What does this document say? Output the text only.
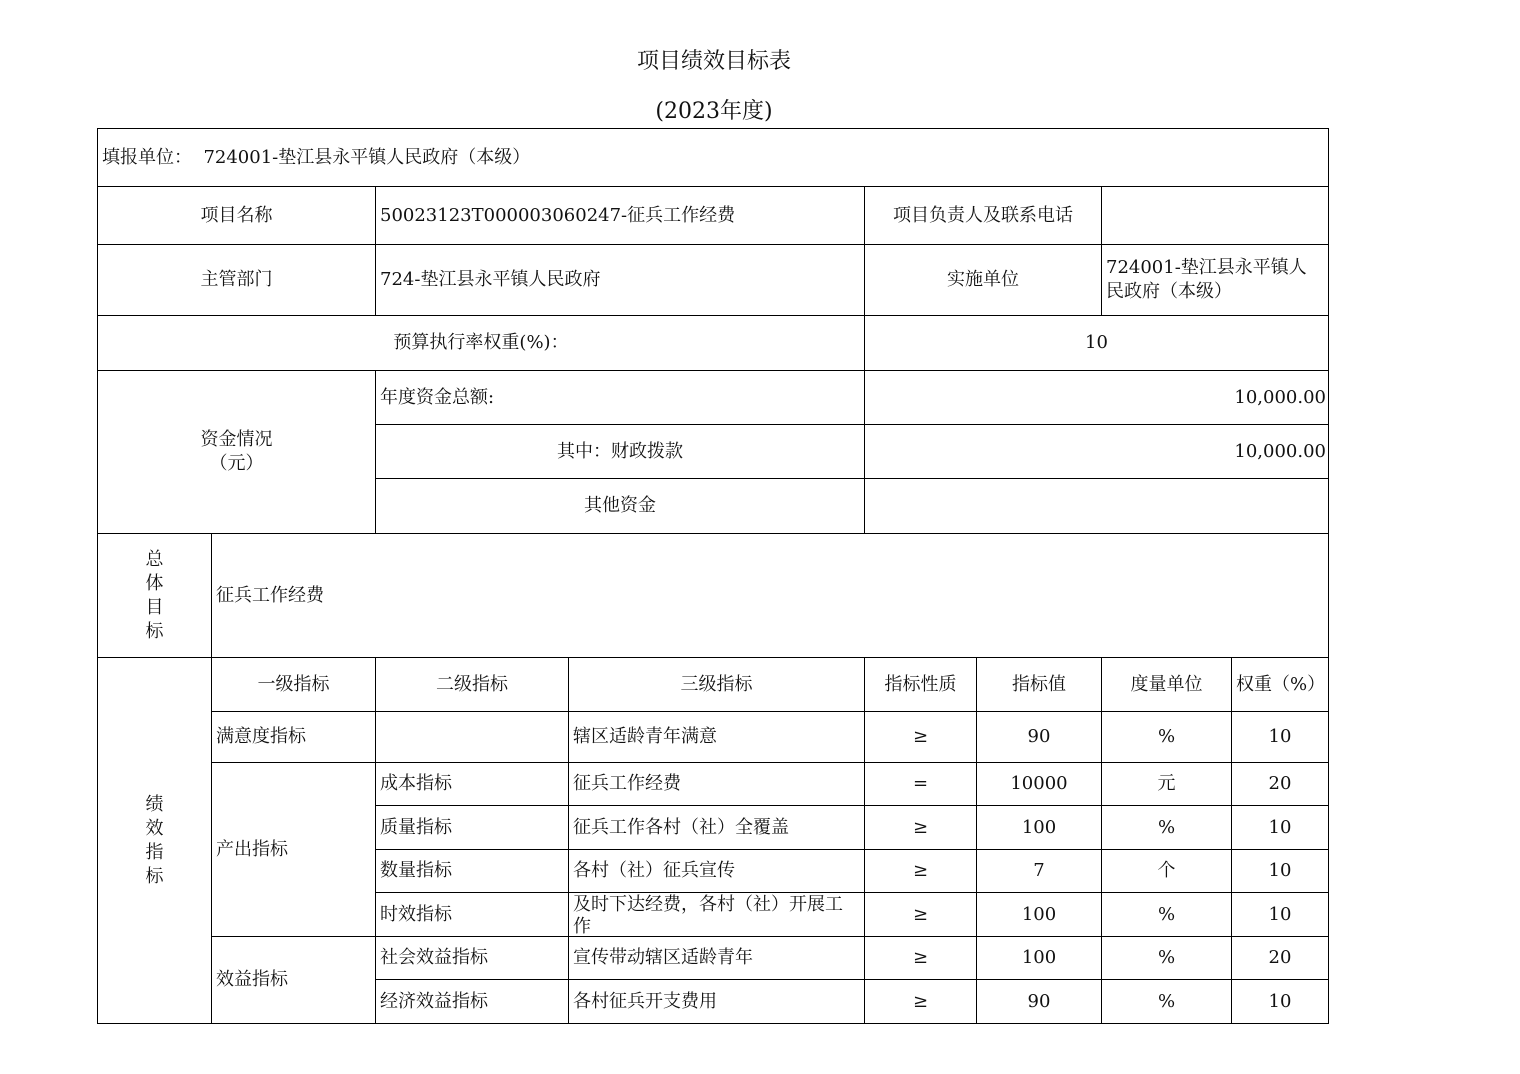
项目绩效目标表
(2023年度)
填报单位： 724001-垫江县永平镇人民政府（本级）							
项目名称		50023123T000003060247-征兵工作经费		项目负责人及联系电话			
主管部门		724-垫江县永平镇人民政府		实施单位		724001-垫江县永平镇人民政府（本级）	
预算执行率权重(%)：				10			

资金情况
（元）		年度资金总额:		10,000.00			
		其中：财政拨款		10,000.00			
		其他资金					

总
体
目
标	征兵工作经费						

绩
效
指
标	一级指标	二级指标	三级指标	指标性质	指标值	度量单位	权重（%）
	满意度指标		辖区适龄青年满意	≥	90	%	10
	产出指标	成本指标	征兵工作经费	=	10000	元	20
		质量指标	征兵工作各村（社）全覆盖	≥	100	%	10
		数量指标	各村（社）征兵宣传	≥	7	个	10
		时效指标	及时下达经费，各村（社）开展工作	≥	100	%	10
	效益指标	社会效益指标	宣传带动辖区适龄青年	≥	100	%	20
		经济效益指标	各村征兵开支费用	≥	90	%	10
